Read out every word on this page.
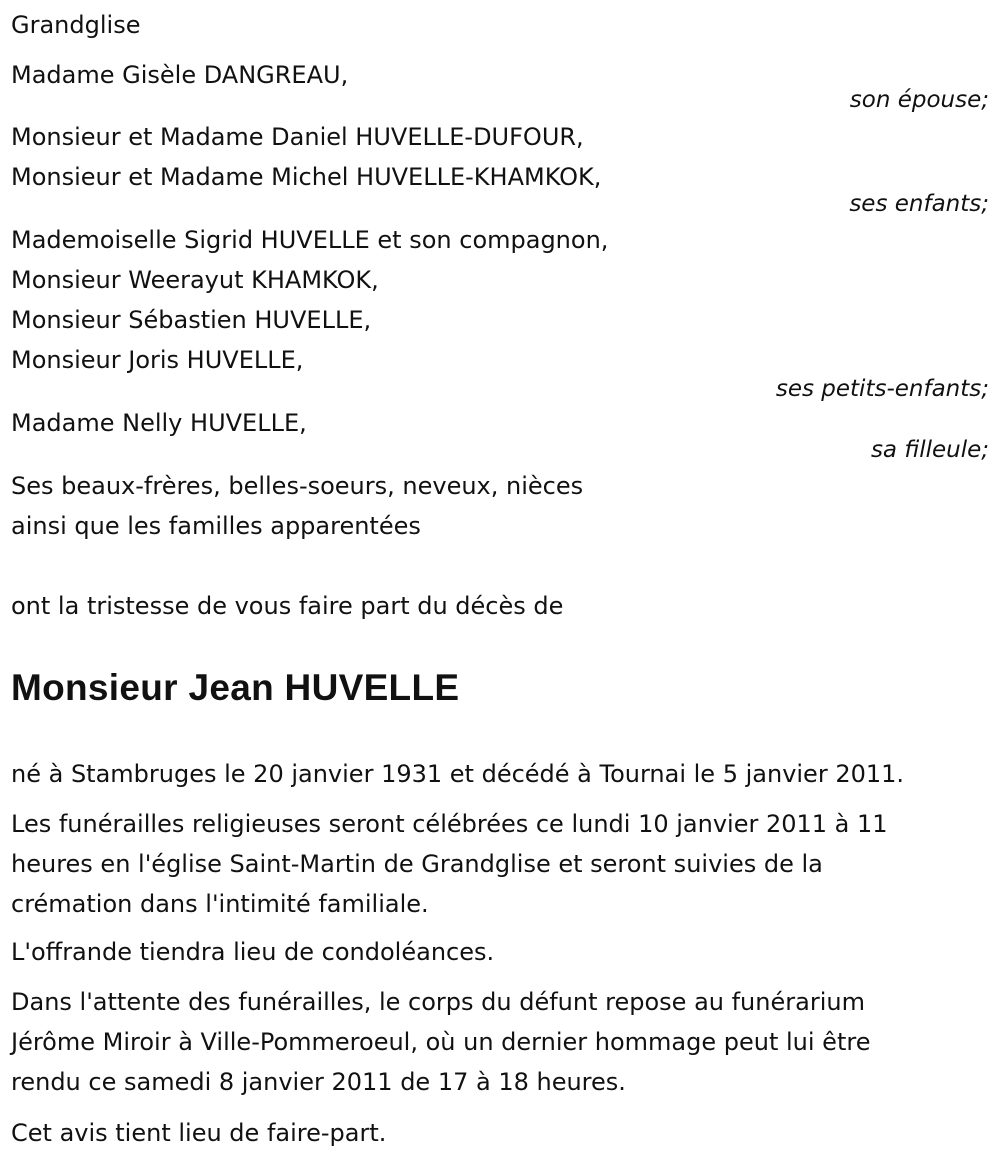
Grandglise
Madame Gisèle DANGREAU,
son épouse;
Monsieur et Madame Daniel HUVELLE-DUFOUR,
Monsieur et Madame Michel HUVELLE-KHAMKOK,
ses enfants;
Mademoiselle Sigrid HUVELLE et son compagnon,
Monsieur Weerayut KHAMKOK,
Monsieur Sébastien HUVELLE,
Monsieur Joris HUVELLE,
ses petits-enfants;
Madame Nelly HUVELLE,
sa filleule;
Ses beaux-frères, belles-soeurs, neveux, nièces
ainsi que les familles apparentées
ont la tristesse de vous faire part du décès de
Monsieur Jean HUVELLE
né à Stambruges le 20 janvier 1931 et décédé à Tournai le 5 janvier 2011.
Les funérailles religieuses seront célébrées ce lundi 10 janvier 2011 à 11
heures en l'église Saint-Martin de Grandglise et seront suivies de la
crémation dans l'intimité familiale.
L'offrande tiendra lieu de condoléances.
Dans l'attente des funérailles, le corps du défunt repose au funérarium
Jérôme Miroir à Ville-Pommeroeul, où un dernier hommage peut lui être
rendu ce samedi 8 janvier 2011 de 17 à 18 heures.
Cet avis tient lieu de faire-part.
